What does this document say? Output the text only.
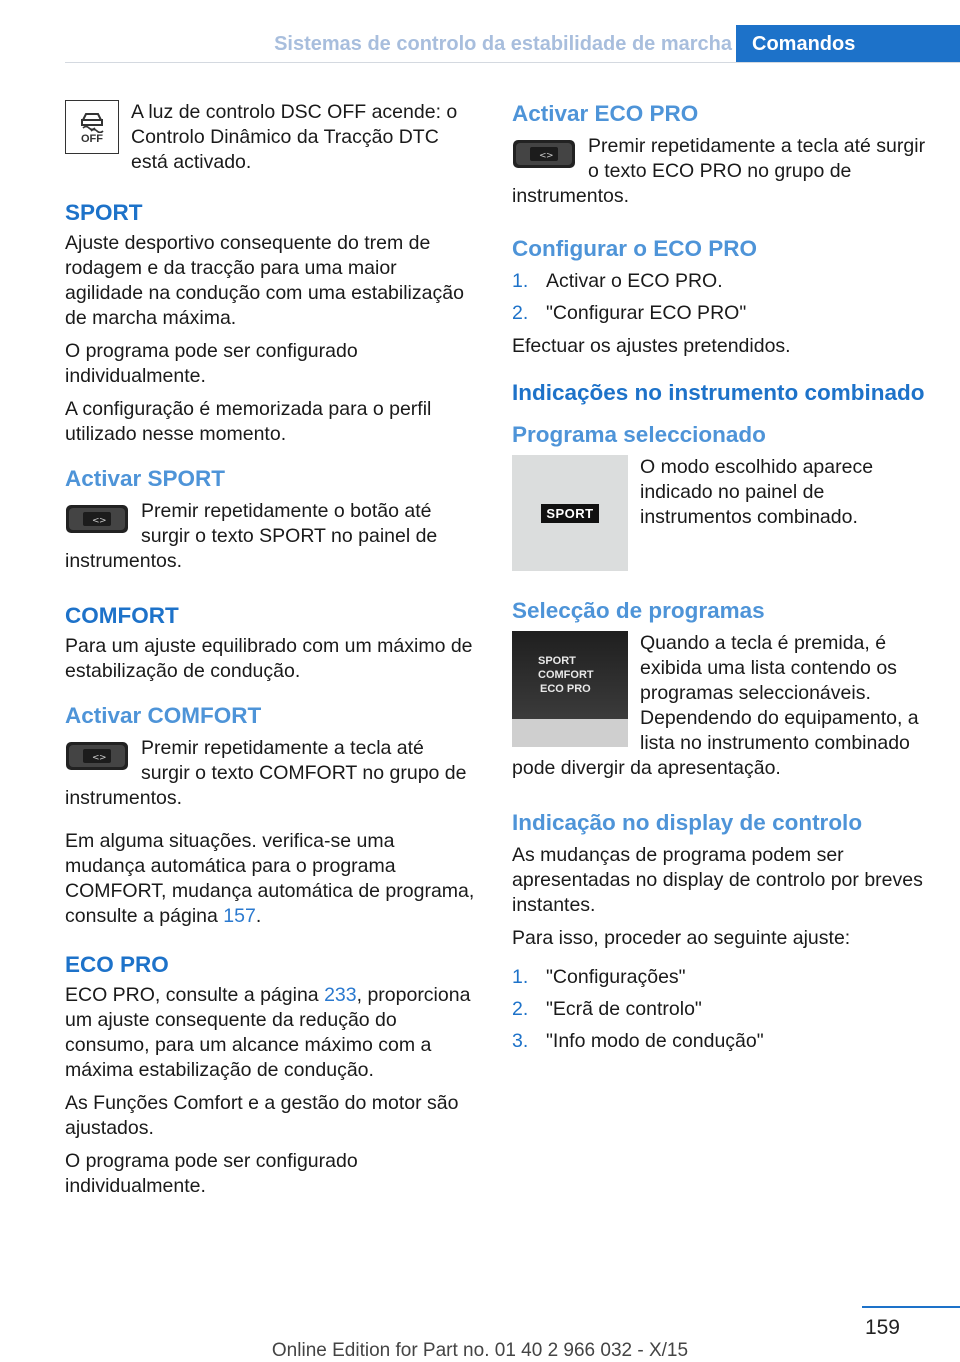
Sistemas de controlo da estabilidade de marcha	Comandos
OFF

A luz de controlo DSC OFF acende: o Controlo Dinâmico da Tracção DTC está activado.

SPORT

Ajuste desportivo consequente do trem de rodagem e da tracção para uma maior agilidade na condução com uma estabilização de marcha máxima.

O programa pode ser configurado individualmente.

A configuração é memorizada para o perfil utilizado nesse momento.

Activar SPORT
< >	Premir repetidamente o botão até surgir o texto SPORT no painel de instrumentos.

COMFORT

Para um ajuste equilibrado com um máximo de estabilização de condução.

Activar COMFORT
< >	Premir repetidamente a tecla até surgir o texto COMFORT no grupo de instrumentos.

Em alguma situações. verifica-se uma mudança automática para o programa COMFORT, mudança automática de programa, consulte a página 157.

ECO PRO

ECO PRO, consulte a página 233, proporciona um ajuste consequente da redução do consumo, para um alcance máximo com a máxima estabilização de condução.

As Funções Comfort e a gestão do motor são ajustados.

O programa pode ser configurado individualmente.

Activar ECO PRO
< >	Premir repetidamente a tecla até surgir o texto ECO PRO no grupo de instrumentos.

Configurar o ECO PRO
1. Activar o ECO PRO.
2. "Configurar ECO PRO"

Efectuar os ajustes pretendidos.

Indicações no instrumento combinado
Programa seleccionado
SPORT

O modo escolhido aparece indicado no painel de instrumentos combinado.

Selecção de programas
SPORT
COMFORT
ECO PRO

Quando a tecla é premida, é exibida uma lista contendo os programas seleccionáveis. Dependendo do equipamento, a lista no instrumento combinado pode divergir da apresentação.

Indicação no display de controlo

As mudanças de programa podem ser apresentadas no display de controlo por breves instantes.

Para isso, proceder ao seguinte ajuste:

1. "Configurações"
2. "Ecrã de controlo"
3. "Info modo de condução"
159
Online Edition for Part no. 01 40 2 966 032 - X/15
